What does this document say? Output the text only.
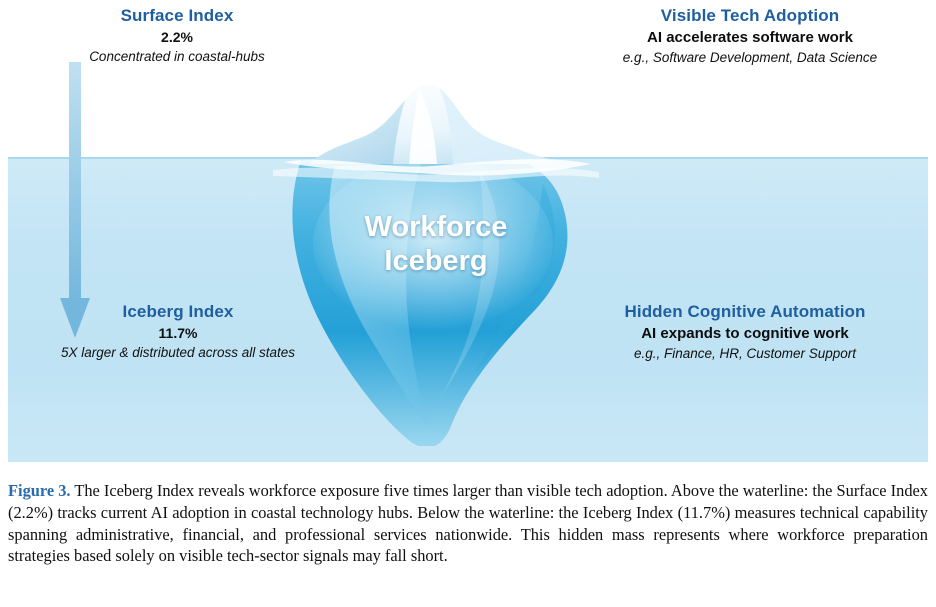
Workforce
Iceberg
Surface Index
2.2%
Concentrated in coastal-hubs
Iceberg Index
11.7%
5X larger & distributed across all states
Visible Tech Adoption
AI accelerates software work
e.g., Software Development, Data Science
Hidden Cognitive Automation
AI expands to cognitive work
e.g., Finance, HR, Customer Support
Figure 3. The Iceberg Index reveals workforce exposure five times larger than visible tech adoption. Above the waterline: the Surface Index (2.2%) tracks current AI adoption in coastal technology hubs. Below the waterline: the Iceberg Index (11.7%) measures technical capability spanning administrative, financial, and professional services nationwide. This hidden mass represents where workforce preparation strategies based solely on visible tech-sector signals may fall short.
